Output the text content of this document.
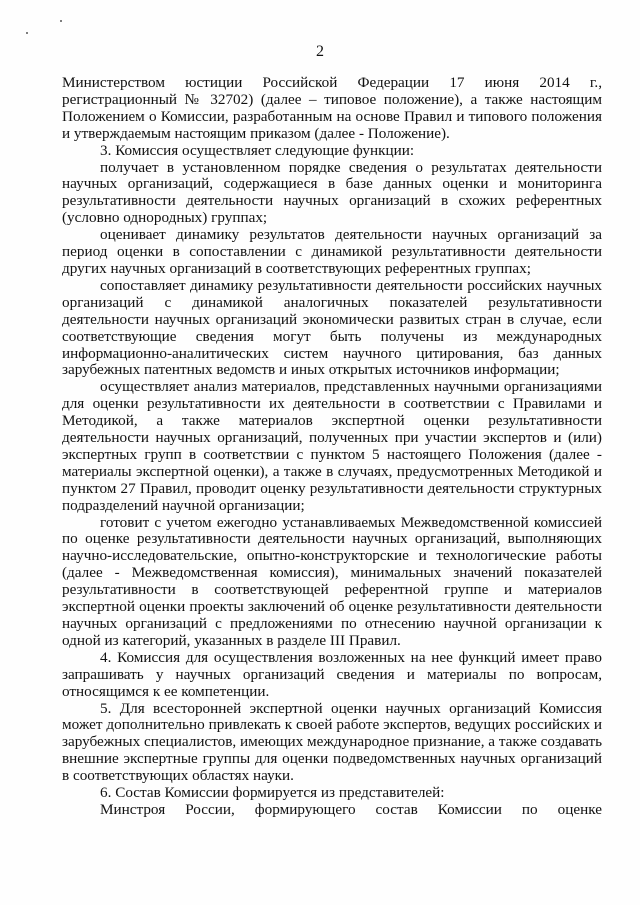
2

Министерством юстиции Российской Федерации 17 июня 2014 г., регистрационный № 32702) (далее – типовое положение), а также настоящим Положением о Комиссии, разработанным на основе Правил и типового положения и утверждаемым настоящим приказом (далее - Положение).

3. Комиссия осуществляет следующие функции:

получает в установленном порядке сведения о результатах деятельности научных организаций, содержащиеся в базе данных оценки и мониторинга результативности деятельности научных организаций в схожих референтных (условно однородных) группах;

оценивает динамику результатов деятельности научных организаций за период оценки в сопоставлении с динамикой результативности деятельности других научных организаций в соответствующих референтных группах;

сопоставляет динамику результативности деятельности российских научных организаций с динамикой аналогичных показателей результативности деятельности научных организаций экономически развитых стран в случае, если соответствующие сведения могут быть получены из международных информационно-аналитических систем научного цитирования, баз данных зарубежных патентных ведомств и иных открытых источников информации;

осуществляет анализ материалов, представленных научными организациями для оценки результативности их деятельности в соответствии с Правилами и Методикой, а также материалов экспертной оценки результативности деятельности научных организаций, полученных при участии экспертов и (или) экспертных групп в соответствии с пунктом 5 настоящего Положения (далее - материалы экспертной оценки), а также в случаях, предусмотренных Методикой и пунктом 27 Правил, проводит оценку результативности деятельности структурных подразделений научной организации;

готовит с учетом ежегодно устанавливаемых Межведомственной комиссией по оценке результативности деятельности научных организаций, выполняющих научно-исследовательские, опытно-конструкторские и технологические работы (далее - Межведомственная комиссия), минимальных значений показателей результативности в соответствующей референтной группе и материалов экспертной оценки проекты заключений об оценке результативности деятельности научных организаций с предложениями по отнесению научной организации к одной из категорий, указанных в разделе III Правил.

4. Комиссия для осуществления возложенных на нее функций имеет право запрашивать у научных организаций сведения и материалы по вопросам, относящимся к ее компетенции.

5. Для всесторонней экспертной оценки научных организаций Комиссия может дополнительно привлекать к своей работе экспертов, ведущих российских и зарубежных специалистов, имеющих международное признание, а также создавать внешние экспертные группы для оценки подведомственных научных организаций в соответствующих областях науки.

6. Состав Комиссии формируется из представителей:

Минстроя России, формирующего состав Комиссии по оценке
